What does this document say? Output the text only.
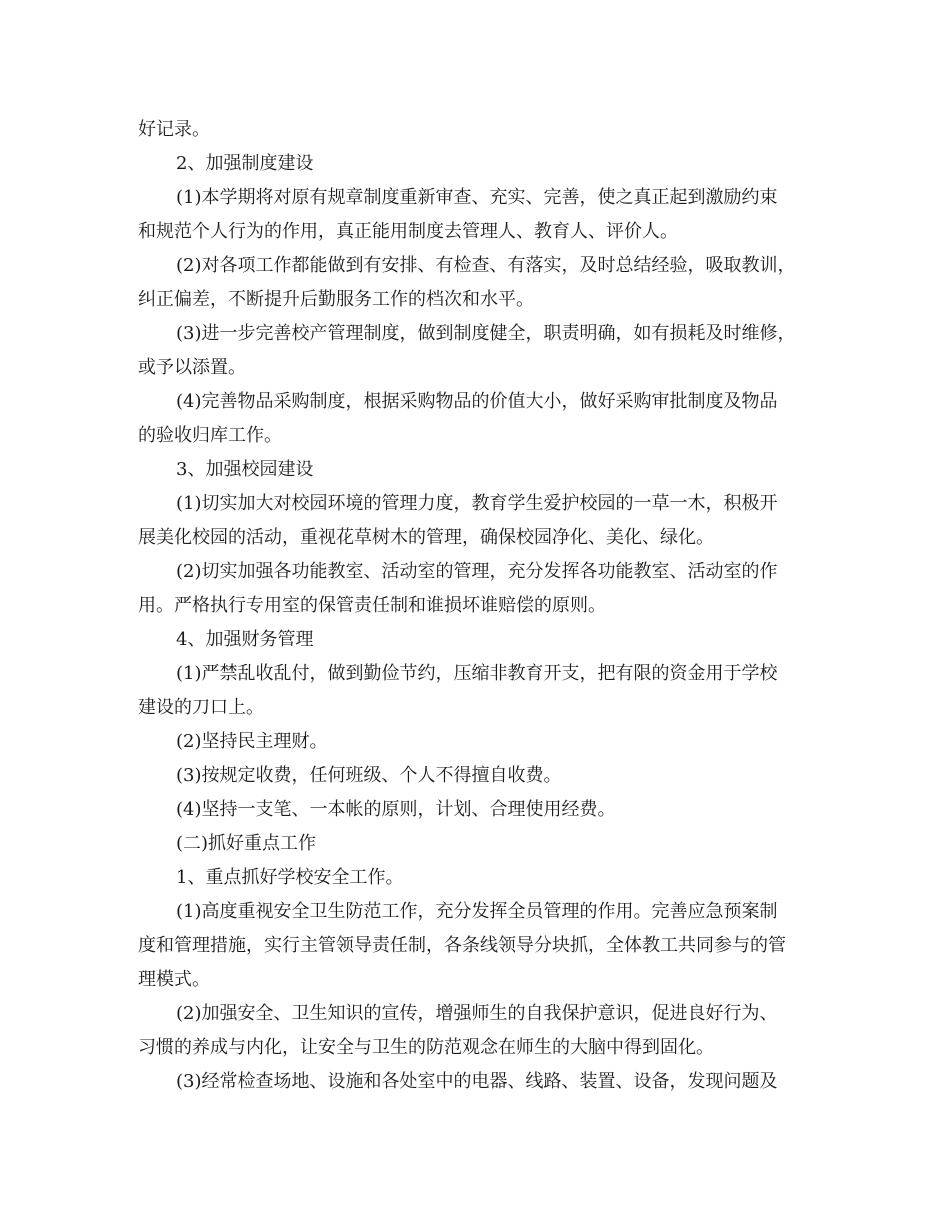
好记录。
2、加强制度建设
(1)本学期将对原有规章制度重新审查、充实、完善，使之真正起到激励约束
和规范个人行为的作用，真正能用制度去管理人、教育人、评价人。
(2)对各项工作都能做到有安排、有检查、有落实，及时总结经验，吸取教训，
纠正偏差，不断提升后勤服务工作的档次和水平。
(3)进一步完善校产管理制度，做到制度健全，职责明确，如有损耗及时维修，
或予以添置。
(4)完善物品采购制度，根据采购物品的价值大小，做好采购审批制度及物品
的验收归库工作。
3、加强校园建设
(1)切实加大对校园环境的管理力度，教育学生爱护校园的一草一木，积极开
展美化校园的活动，重视花草树木的管理，确保校园净化、美化、绿化。
(2)切实加强各功能教室、活动室的管理，充分发挥各功能教室、活动室的作
用。严格执行专用室的保管责任制和谁损坏谁赔偿的原则。
4、加强财务管理
(1)严禁乱收乱付，做到勤俭节约，压缩非教育开支，把有限的资金用于学校
建设的刀口上。
(2)坚持民主理财。
(3)按规定收费，任何班级、个人不得擅自收费。
(4)坚持一支笔、一本帐的原则，计划、合理使用经费。
(二)抓好重点工作
1、重点抓好学校安全工作。
(1)高度重视安全卫生防范工作，充分发挥全员管理的作用。完善应急预案制
度和管理措施，实行主管领导责任制，各条线领导分块抓，全体教工共同参与的管
理模式。
(2)加强安全、卫生知识的宣传，增强师生的自我保护意识，促进良好行为、
习惯的养成与内化，让安全与卫生的防范观念在师生的大脑中得到固化。
(3)经常检查场地、设施和各处室中的电器、线路、装置、设备，发现问题及
